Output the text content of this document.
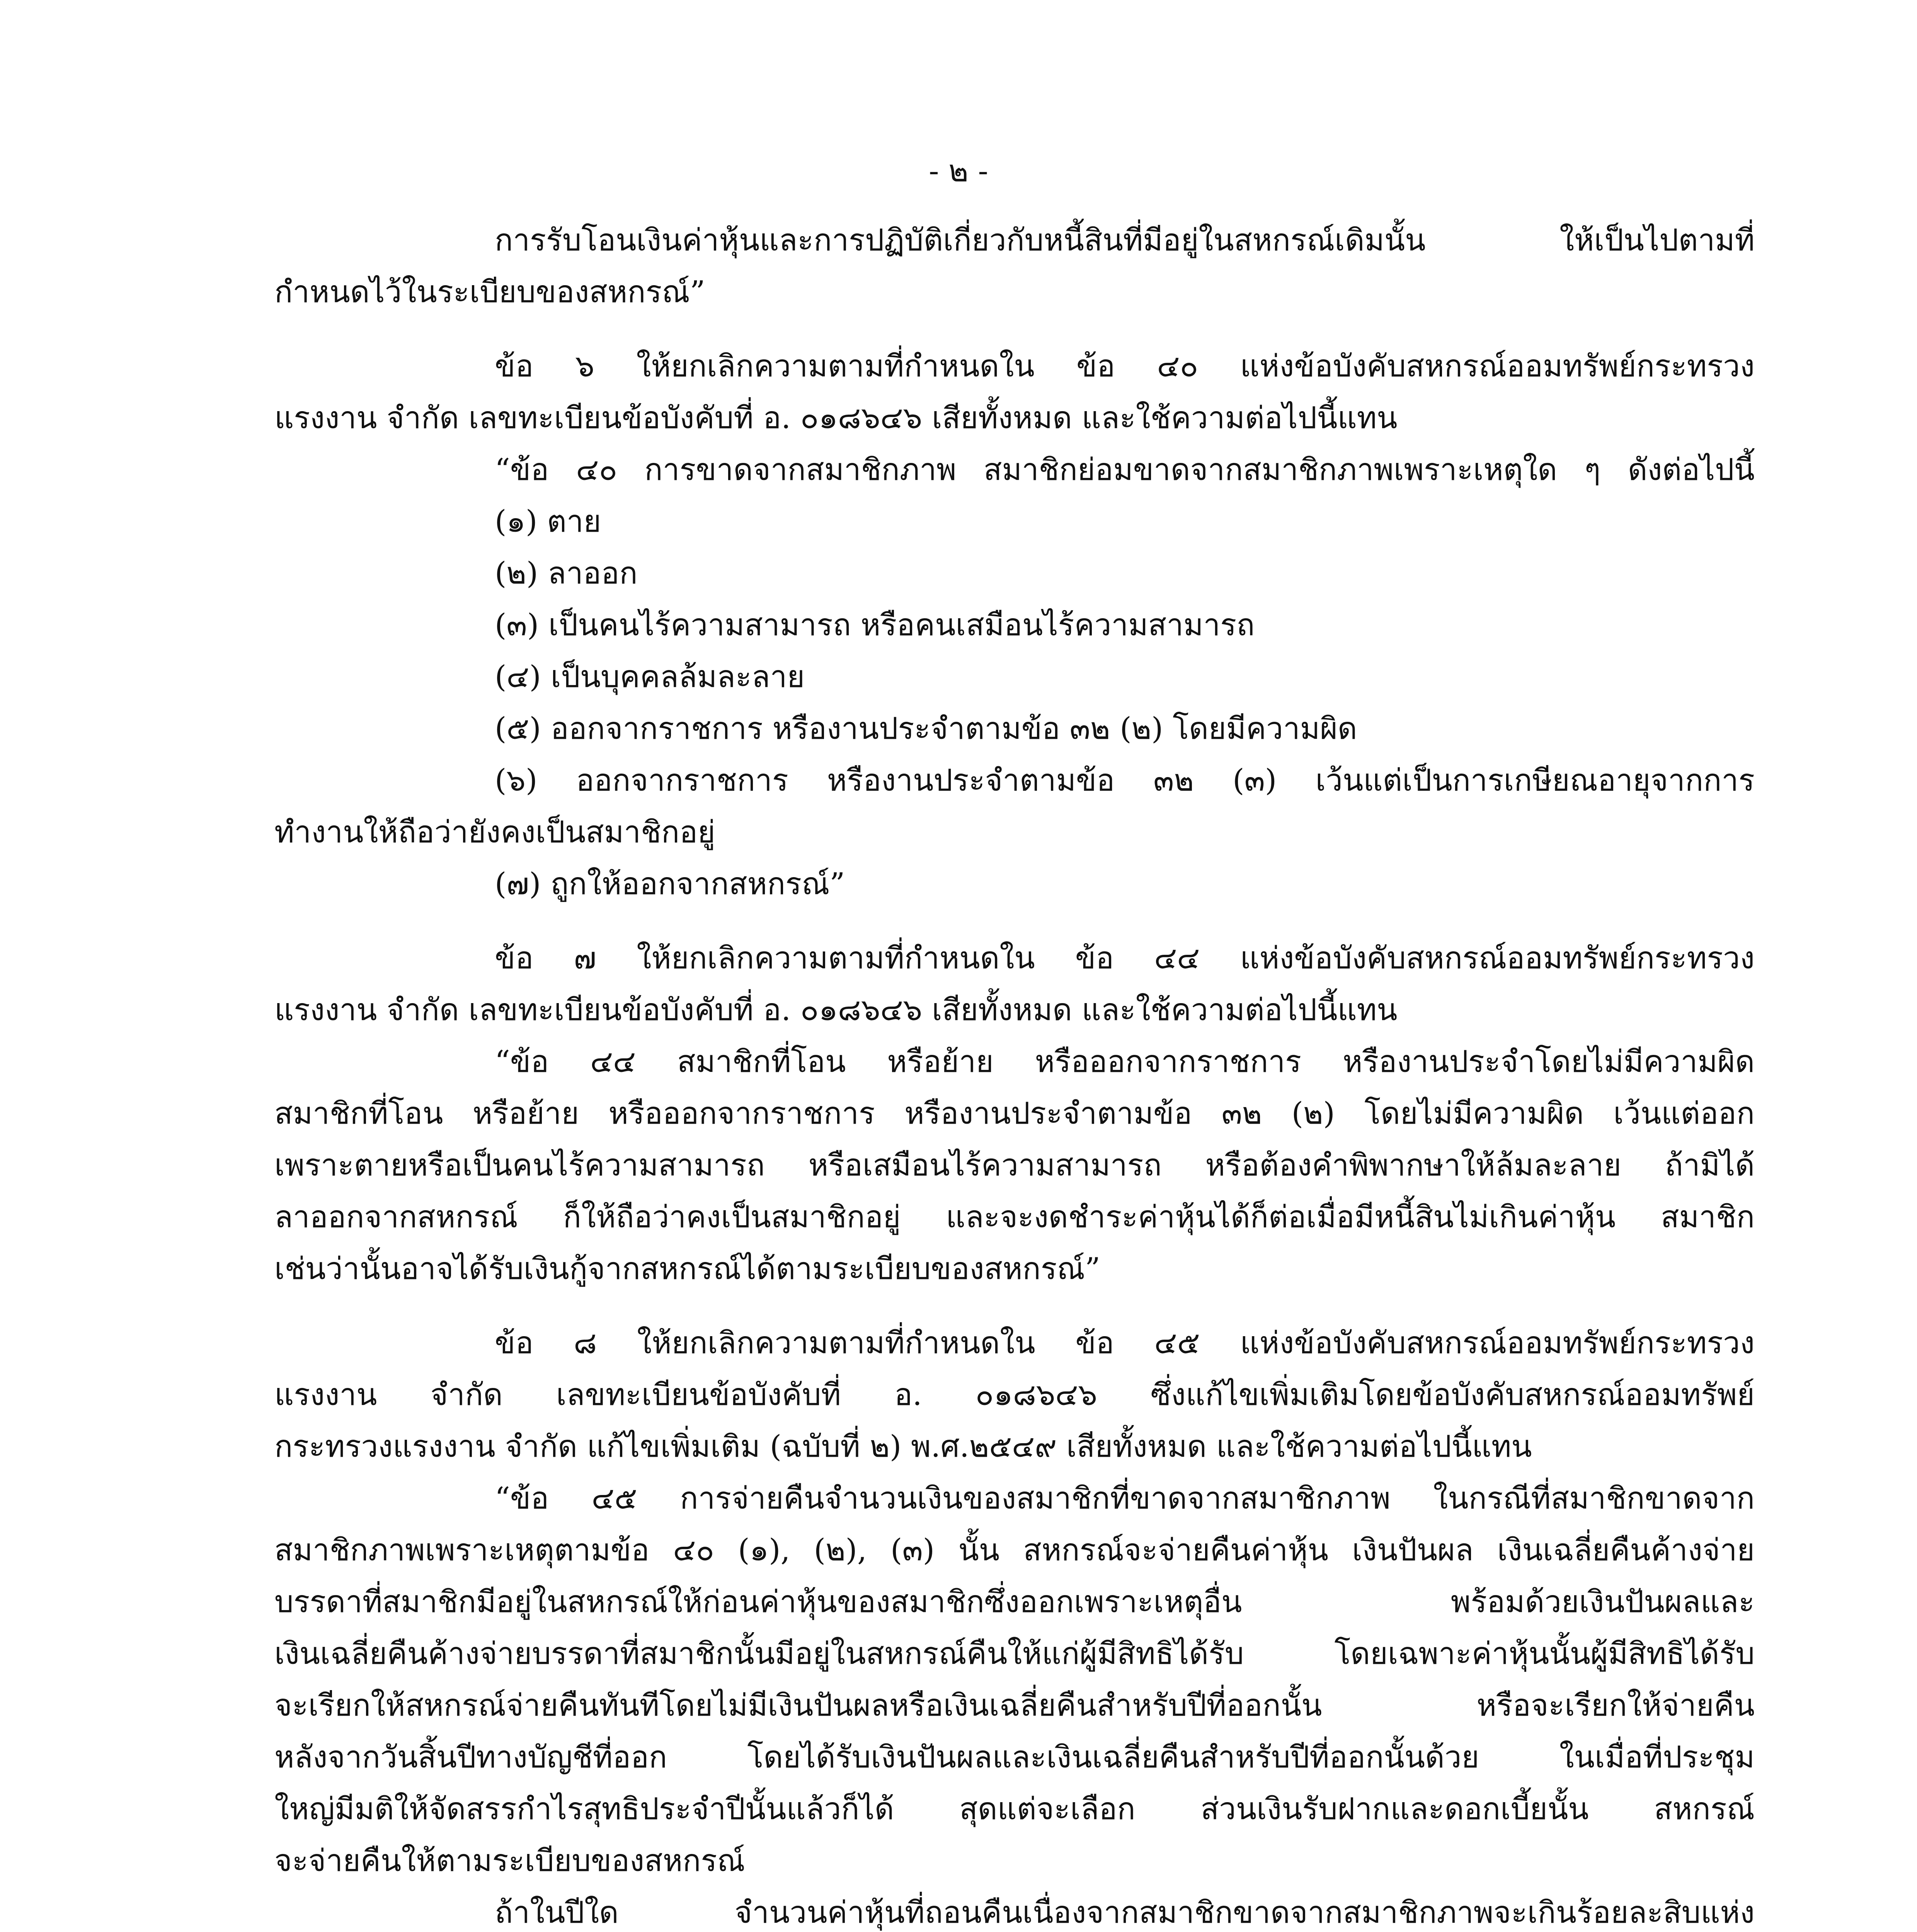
- ๒ -
การรับโอนเงินค่าหุ้นและการปฏิบัติเกี่ยวกับหนี้สินที่มีอยู่ในสหกรณ์เดิมนั้น ให้เป็นไปตามที่
กำหนดไว้ในระเบียบของสหกรณ์”
ข้อ ๖ ให้ยกเลิกความตามที่กำหนดใน ข้อ ๔๐ แห่งข้อบังคับสหกรณ์ออมทรัพย์กระทรวง
แรงงาน จำกัด เลขทะเบียนข้อบังคับที่ อ. ๐๑๘๖๔๖ เสียทั้งหมด และใช้ความต่อไปนี้แทน
“ข้อ ๔๐ การขาดจากสมาชิกภาพ สมาชิกย่อมขาดจากสมาชิกภาพเพราะเหตุใด ๆ ดังต่อไปนี้
(๑) ตาย
(๒) ลาออก
(๓) เป็นคนไร้ความสามารถ หรือคนเสมือนไร้ความสามารถ
(๔) เป็นบุคคลล้มละลาย
(๕) ออกจากราชการ หรืองานประจำตามข้อ ๓๒ (๒) โดยมีความผิด
(๖) ออกจากราชการ หรืองานประจำตามข้อ ๓๒ (๓) เว้นแต่เป็นการเกษียณอายุจากการ
ทำงานให้ถือว่ายังคงเป็นสมาชิกอยู่
(๗) ถูกให้ออกจากสหกรณ์”
ข้อ ๗ ให้ยกเลิกความตามที่กำหนดใน ข้อ ๔๔ แห่งข้อบังคับสหกรณ์ออมทรัพย์กระทรวง
แรงงาน จำกัด เลขทะเบียนข้อบังคับที่ อ. ๐๑๘๖๔๖ เสียทั้งหมด และใช้ความต่อไปนี้แทน
“ข้อ ๔๔ สมาชิกที่โอน หรือย้าย หรือออกจากราชการ หรืองานประจำโดยไม่มีความผิด
สมาชิกที่โอน หรือย้าย หรือออกจากราชการ หรืองานประจำตามข้อ ๓๒ (๒) โดยไม่มีความผิด เว้นแต่ออก
เพราะตายหรือเป็นคนไร้ความสามารถ หรือเสมือนไร้ความสามารถ หรือต้องคำพิพากษาให้ล้มละลาย ถ้ามิได้
ลาออกจากสหกรณ์ ก็ให้ถือว่าคงเป็นสมาชิกอยู่ และจะงดชำระค่าหุ้นได้ก็ต่อเมื่อมีหนี้สินไม่เกินค่าหุ้น สมาชิก
เช่นว่านั้นอาจได้รับเงินกู้จากสหกรณ์ได้ตามระเบียบของสหกรณ์”
ข้อ ๘ ให้ยกเลิกความตามที่กำหนดใน ข้อ ๔๕ แห่งข้อบังคับสหกรณ์ออมทรัพย์กระทรวง
แรงงาน จำกัด เลขทะเบียนข้อบังคับที่ อ. ๐๑๘๖๔๖ ซึ่งแก้ไขเพิ่มเติมโดยข้อบังคับสหกรณ์ออมทรัพย์
กระทรวงแรงงาน จำกัด แก้ไขเพิ่มเติม (ฉบับที่ ๒) พ.ศ.๒๕๔๙ เสียทั้งหมด และใช้ความต่อไปนี้แทน
“ข้อ ๔๕ การจ่ายคืนจำนวนเงินของสมาชิกที่ขาดจากสมาชิกภาพ ในกรณีที่สมาชิกขาดจาก
สมาชิกภาพเพราะเหตุตามข้อ ๔๐ (๑), (๒), (๓) นั้น สหกรณ์จะจ่ายคืนค่าหุ้น เงินปันผล เงินเฉลี่ยคืนค้างจ่าย
บรรดาที่สมาชิกมีอยู่ในสหกรณ์ให้ก่อนค่าหุ้นของสมาชิกซึ่งออกเพราะเหตุอื่น พร้อมด้วยเงินปันผลและ
เงินเฉลี่ยคืนค้างจ่ายบรรดาที่สมาชิกนั้นมีอยู่ในสหกรณ์คืนให้แก่ผู้มีสิทธิได้รับ โดยเฉพาะค่าหุ้นนั้นผู้มีสิทธิได้รับ
จะเรียกให้สหกรณ์จ่ายคืนทันทีโดยไม่มีเงินปันผลหรือเงินเฉลี่ยคืนสำหรับปีที่ออกนั้น หรือจะเรียกให้จ่ายคืน
หลังจากวันสิ้นปีทางบัญชีที่ออก โดยได้รับเงินปันผลและเงินเฉลี่ยคืนสำหรับปีที่ออกนั้นด้วย ในเมื่อที่ประชุม
ใหญ่มีมติให้จัดสรรกำไรสุทธิประจำปีนั้นแล้วก็ได้ สุดแต่จะเลือก ส่วนเงินรับฝากและดอกเบี้ยนั้น สหกรณ์
จะจ่ายคืนให้ตามระเบียบของสหกรณ์
ถ้าในปีใด จำนวนค่าหุ้นที่ถอนคืนเนื่องจากสมาชิกขาดจากสมาชิกภาพจะเกินร้อยละสิบแห่ง
